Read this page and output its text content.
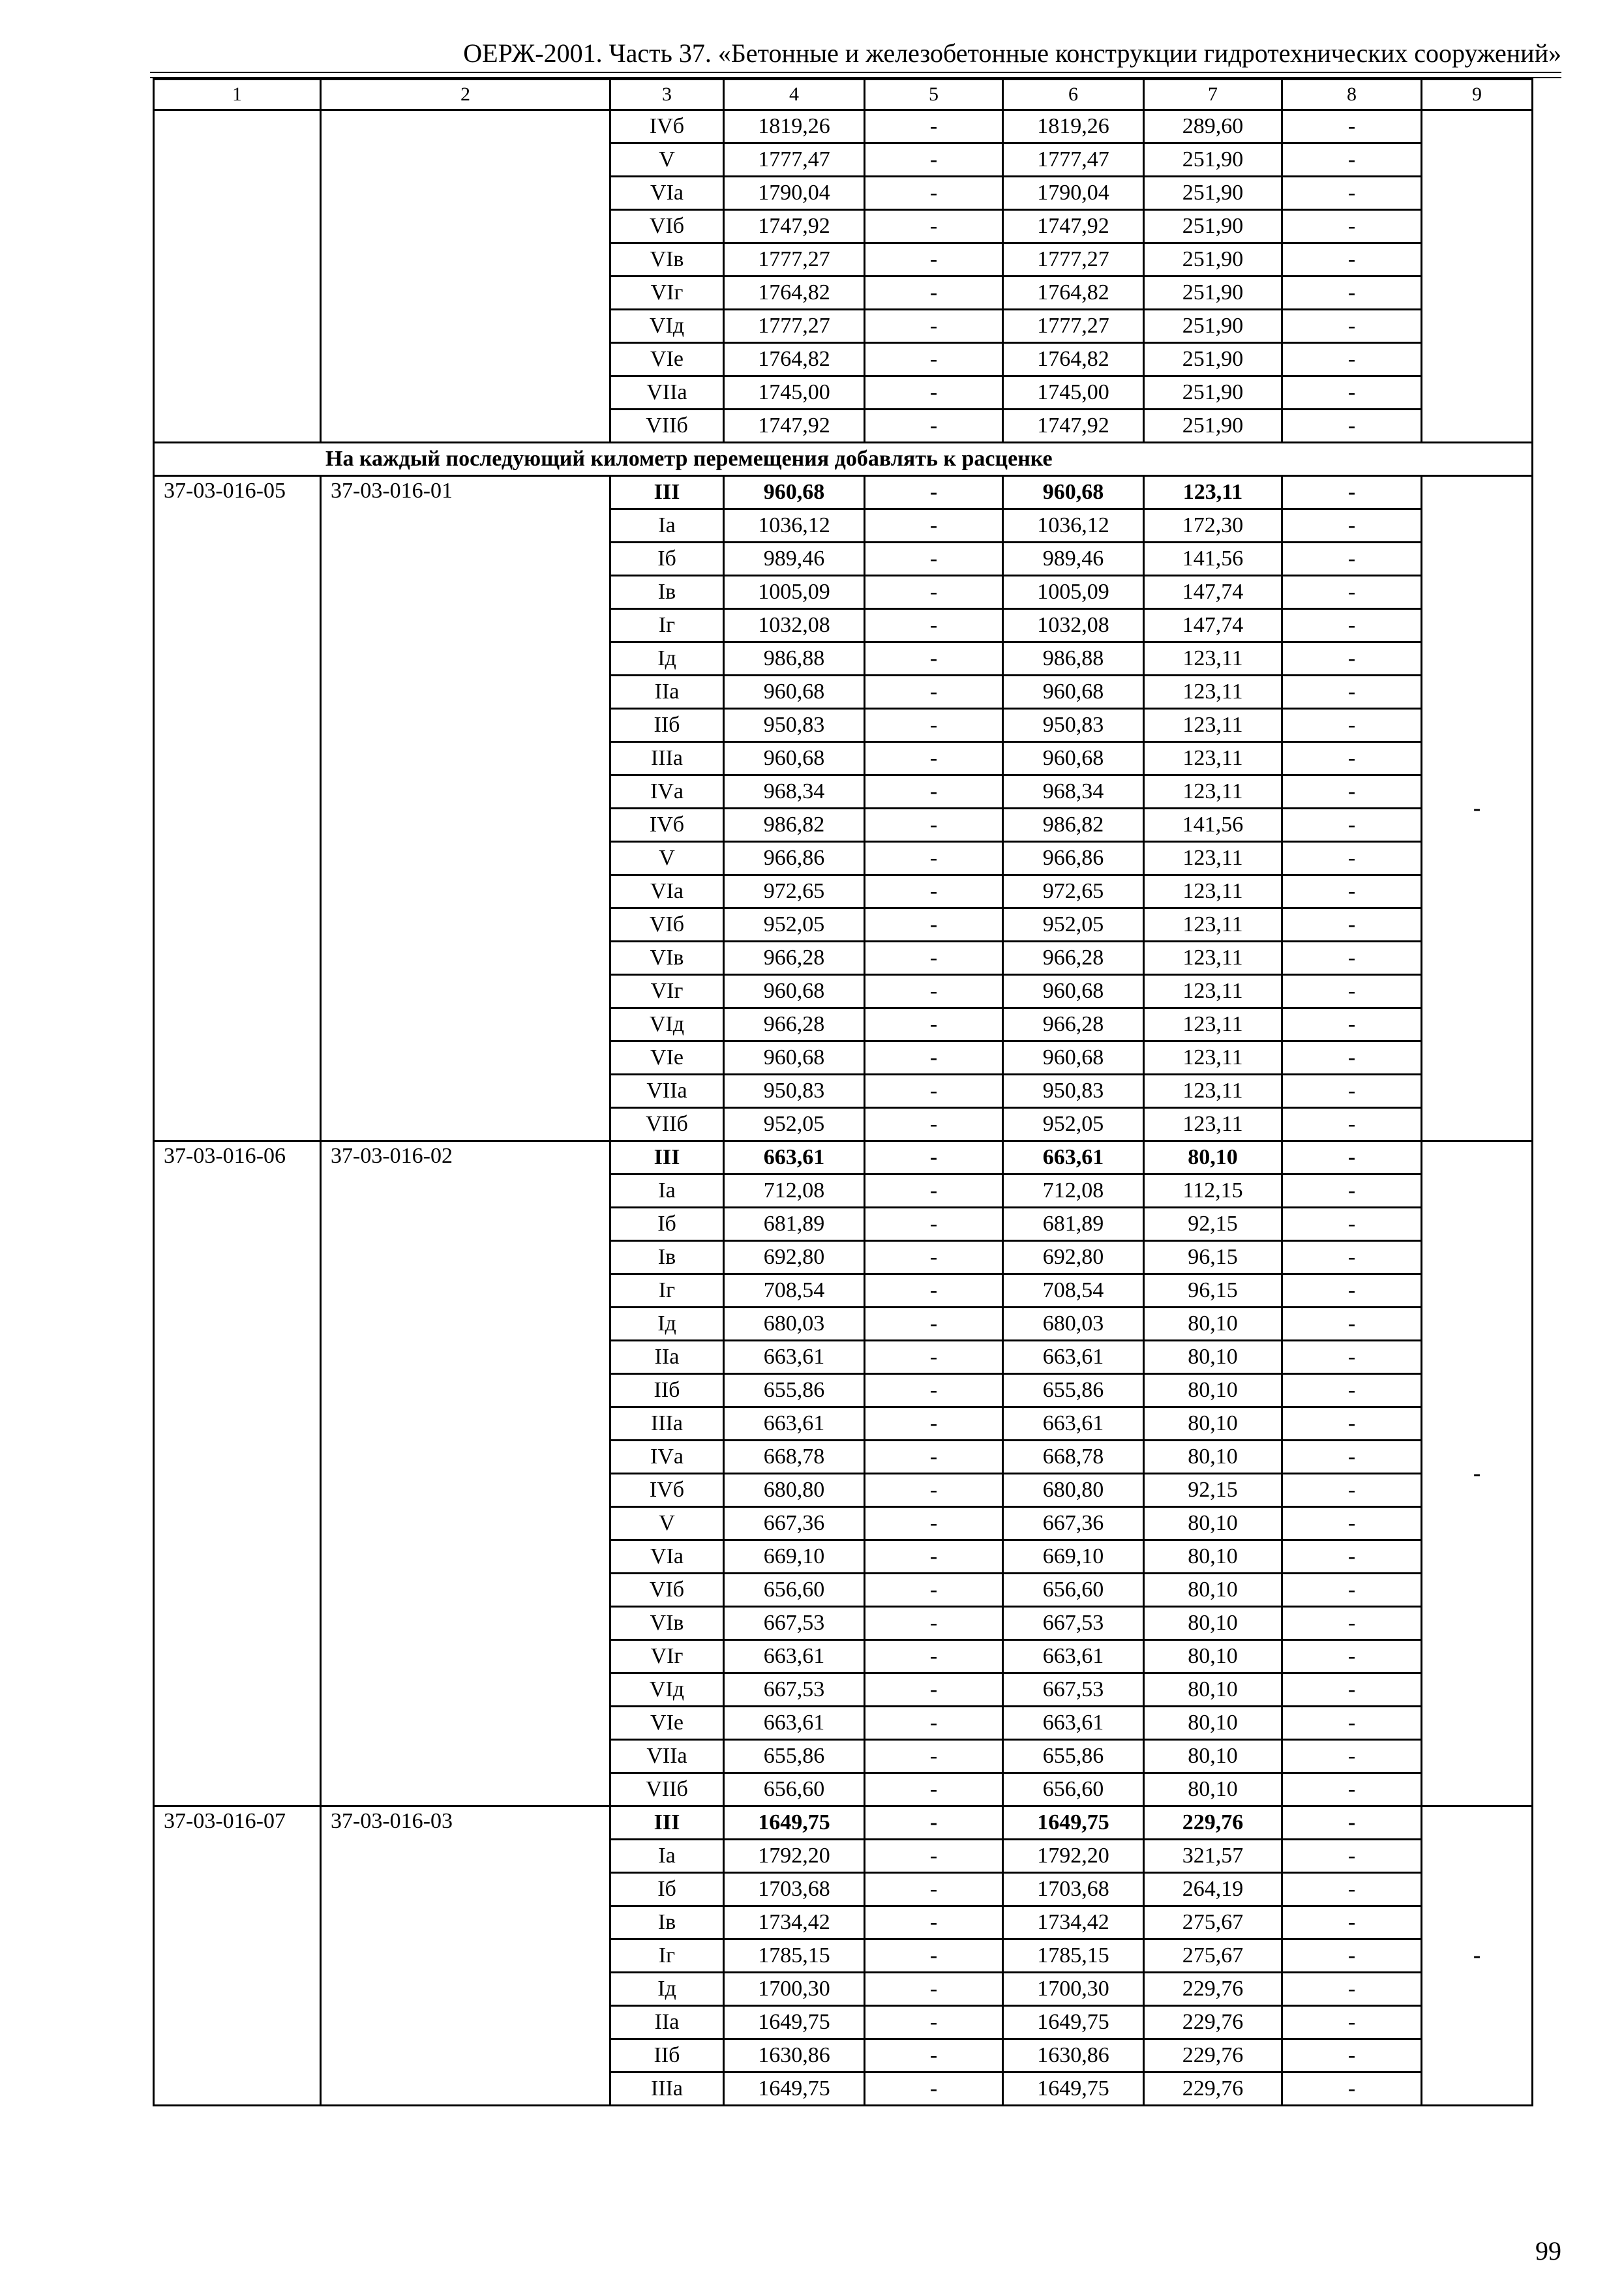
ОЕРЖ-2001. Часть 37. «Бетонные и железобетонные конструкции гидротехнических сооружений»
1	2	3	4	5	6	7	8	9
		IVб	1819,26	-	1819,26	289,60	-	
		V	1777,47	-	1777,47	251,90	-	
		VIа	1790,04	-	1790,04	251,90	-	
		VIб	1747,92	-	1747,92	251,90	-	
		VIв	1777,27	-	1777,27	251,90	-	
		VIг	1764,82	-	1764,82	251,90	-	
		VIд	1777,27	-	1777,27	251,90	-	
		VIе	1764,82	-	1764,82	251,90	-	
		VIIа	1745,00	-	1745,00	251,90	-	
		VIIб	1747,92	-	1747,92	251,90	-	
На каждый последующий километр перемещения добавлять к расценке								
37-03-016-05	37-03-016-01	III	960,68	-	960,68	123,11	-	-
		Iа	1036,12	-	1036,12	172,30	-	
		Iб	989,46	-	989,46	141,56	-	
		Iв	1005,09	-	1005,09	147,74	-	
		Iг	1032,08	-	1032,08	147,74	-	
		Iд	986,88	-	986,88	123,11	-	
		IIа	960,68	-	960,68	123,11	-	
		IIб	950,83	-	950,83	123,11	-	
		IIIа	960,68	-	960,68	123,11	-	
		IVа	968,34	-	968,34	123,11	-	
		IVб	986,82	-	986,82	141,56	-	
		V	966,86	-	966,86	123,11	-	
		VIа	972,65	-	972,65	123,11	-	
		VIб	952,05	-	952,05	123,11	-	
		VIв	966,28	-	966,28	123,11	-	
		VIг	960,68	-	960,68	123,11	-	
		VIд	966,28	-	966,28	123,11	-	
		VIе	960,68	-	960,68	123,11	-	
		VIIа	950,83	-	950,83	123,11	-	
		VIIб	952,05	-	952,05	123,11	-	
37-03-016-06	37-03-016-02	III	663,61	-	663,61	80,10	-	-
		Iа	712,08	-	712,08	112,15	-	
		Iб	681,89	-	681,89	92,15	-	
		Iв	692,80	-	692,80	96,15	-	
		Iг	708,54	-	708,54	96,15	-	
		Iд	680,03	-	680,03	80,10	-	
		IIа	663,61	-	663,61	80,10	-	
		IIб	655,86	-	655,86	80,10	-	
		IIIа	663,61	-	663,61	80,10	-	
		IVа	668,78	-	668,78	80,10	-	
		IVб	680,80	-	680,80	92,15	-	
		V	667,36	-	667,36	80,10	-	
		VIа	669,10	-	669,10	80,10	-	
		VIб	656,60	-	656,60	80,10	-	
		VIв	667,53	-	667,53	80,10	-	
		VIг	663,61	-	663,61	80,10	-	
		VIд	667,53	-	667,53	80,10	-	
		VIе	663,61	-	663,61	80,10	-	
		VIIа	655,86	-	655,86	80,10	-	
		VIIб	656,60	-	656,60	80,10	-	
37-03-016-07	37-03-016-03	III	1649,75	-	1649,75	229,76	-	-
		Iа	1792,20	-	1792,20	321,57	-	
		Iб	1703,68	-	1703,68	264,19	-	
		Iв	1734,42	-	1734,42	275,67	-	
		Iг	1785,15	-	1785,15	275,67	-	
		Iд	1700,30	-	1700,30	229,76	-	
		IIа	1649,75	-	1649,75	229,76	-	
		IIб	1630,86	-	1630,86	229,76	-	
		IIIа	1649,75	-	1649,75	229,76	-	
99
